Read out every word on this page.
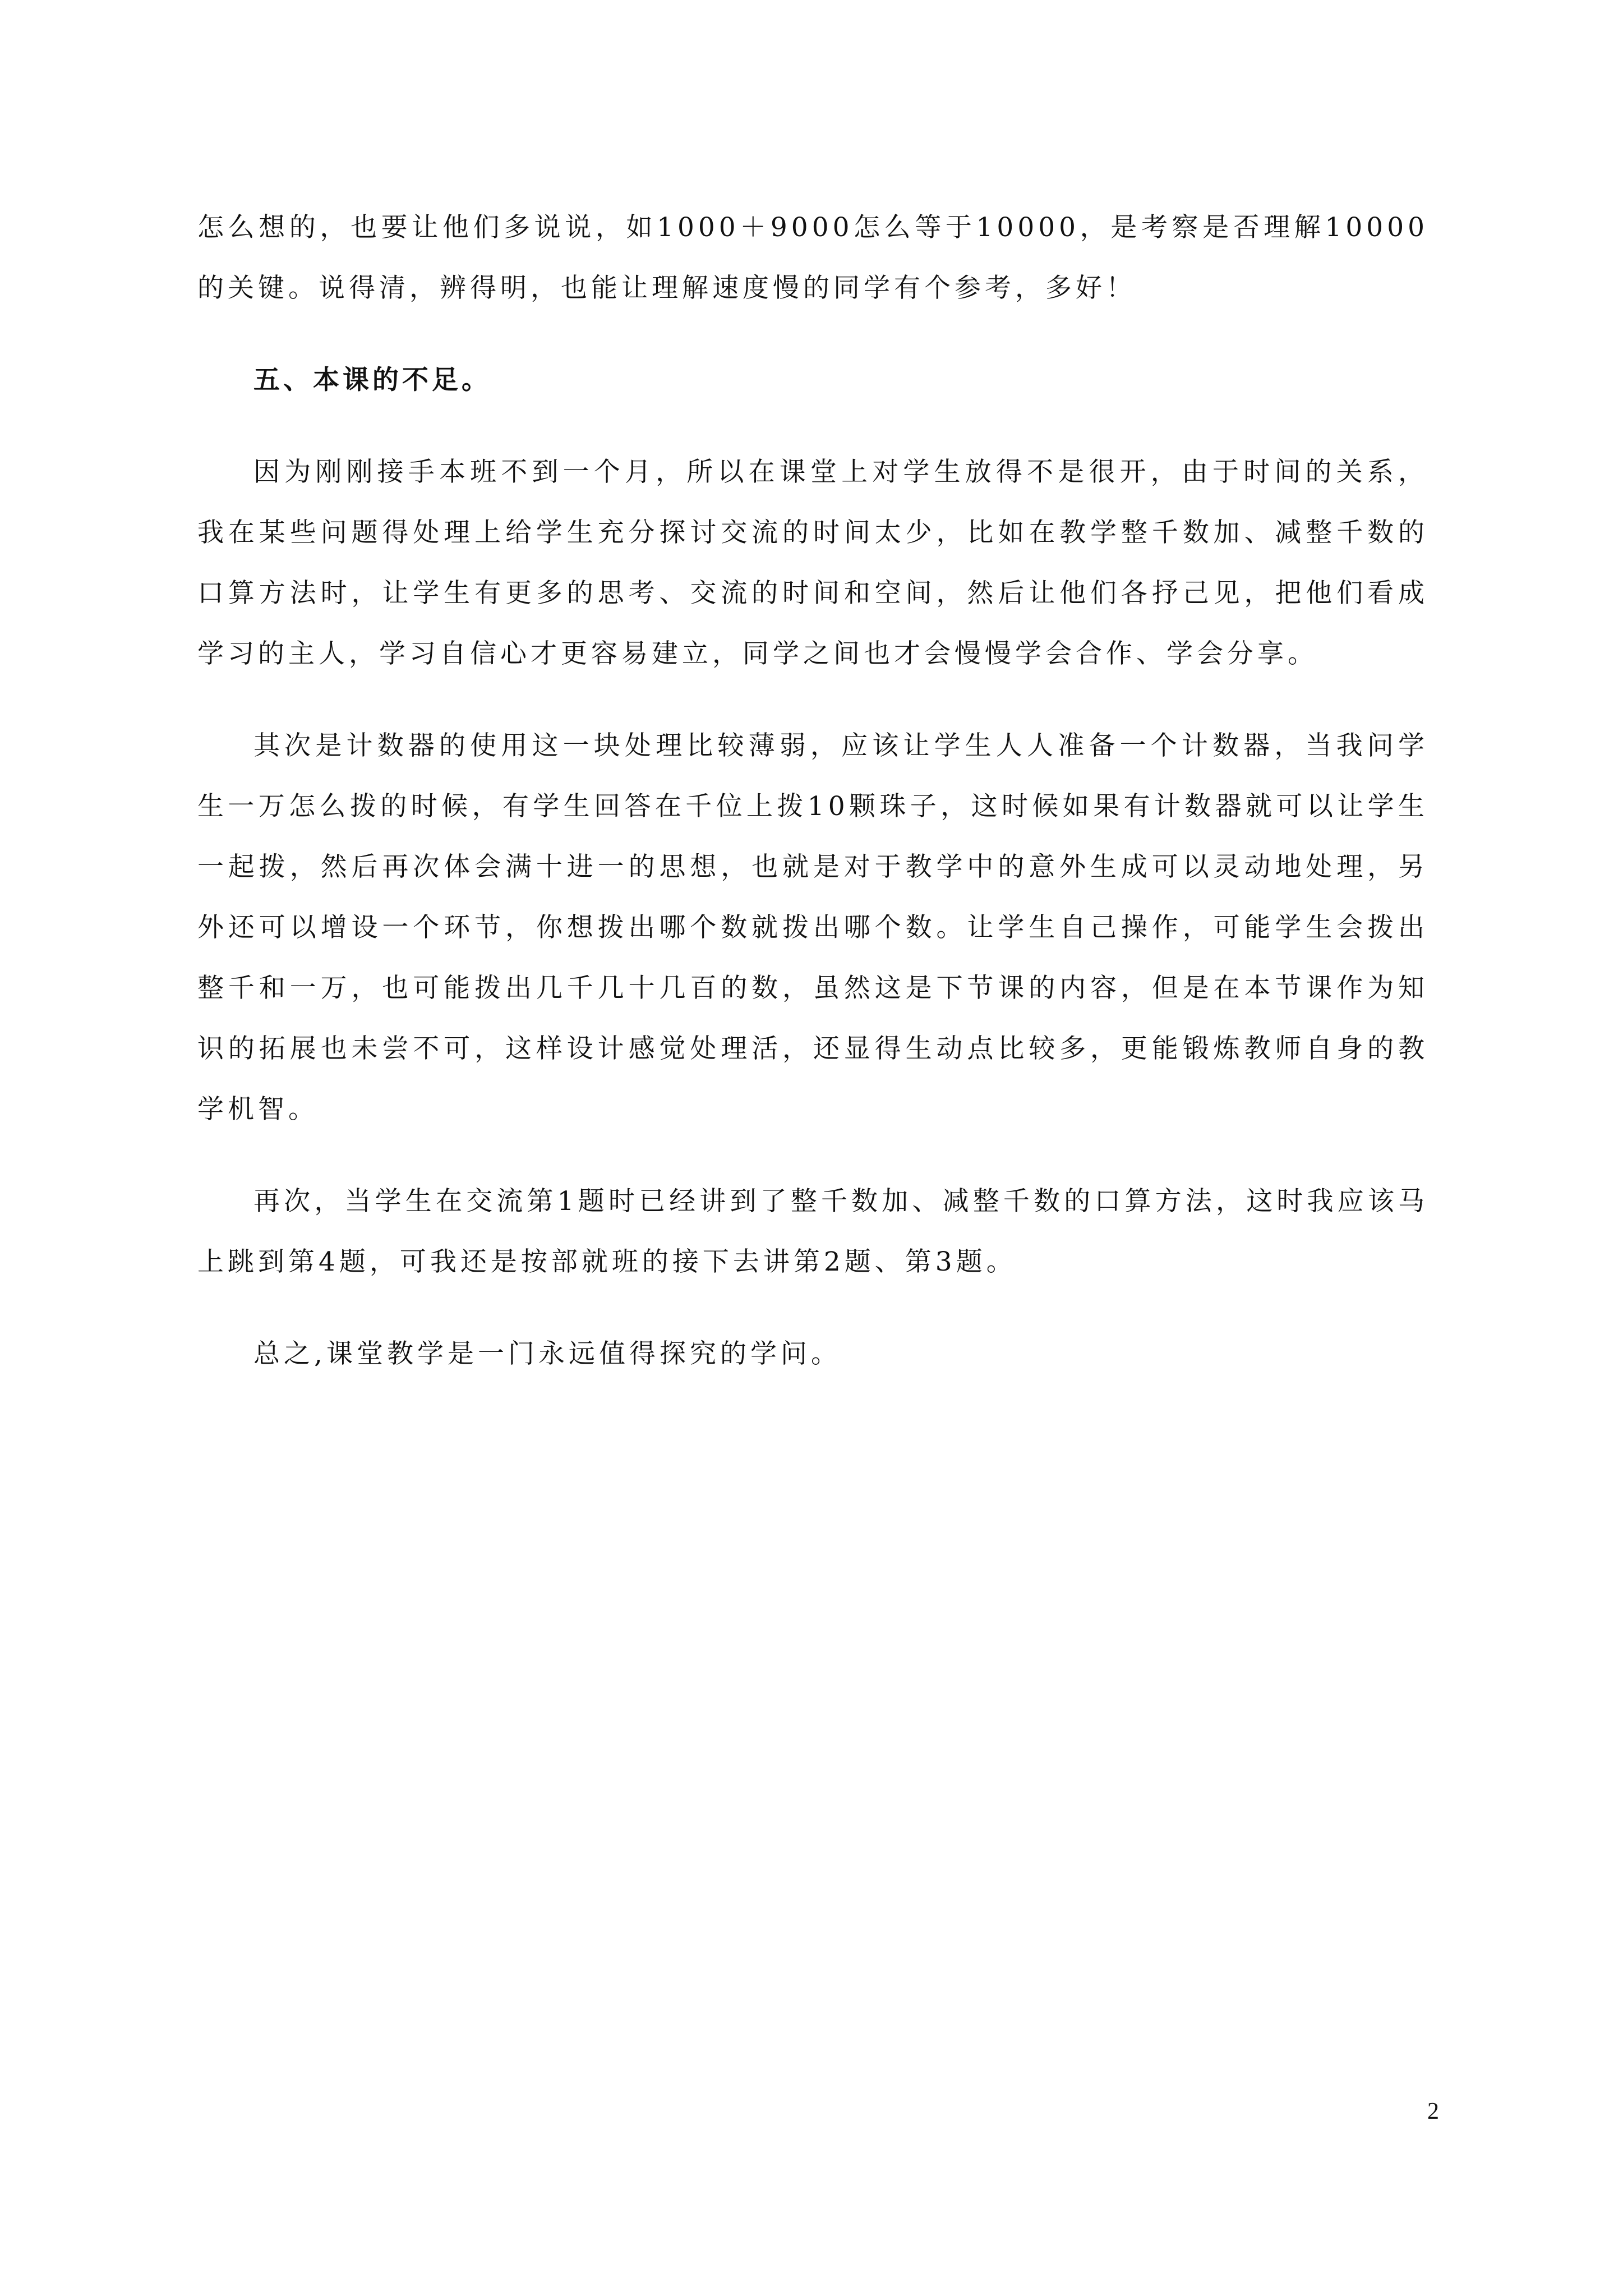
怎么想的，也要让他们多说说，如1000＋9000怎么等于10000，是考察是否理解10000的关键。说得清，辨得明，也能让理解速度慢的同学有个参考，多好！

五、本课的不足。

因为刚刚接手本班不到一个月，所以在课堂上对学生放得不是很开，由于时间的关系，我在某些问题得处理上给学生充分探讨交流的时间太少，比如在教学整千数加、减整千数的口算方法时，让学生有更多的思考、交流的时间和空间，然后让他们各抒己见，把他们看成学习的主人，学习自信心才更容易建立，同学之间也才会慢慢学会合作、学会分享。

其次是计数器的使用这一块处理比较薄弱，应该让学生人人准备一个计数器，当我问学生一万怎么拨的时候，有学生回答在千位上拨10颗珠子，这时候如果有计数器就可以让学生一起拨，然后再次体会满十进一的思想，也就是对于教学中的意外生成可以灵动地处理，另外还可以增设一个环节，你想拨出哪个数就拨出哪个数。让学生自己操作，可能学生会拨出整千和一万，也可能拨出几千几十几百的数，虽然这是下节课的内容，但是在本节课作为知识的拓展也未尝不可，这样设计感觉处理活，还显得生动点比较多，更能锻炼教师自身的教学机智。

再次，当学生在交流第1题时已经讲到了整千数加、减整千数的口算方法，这时我应该马上跳到第4题，可我还是按部就班的接下去讲第2题、第3题。

总之,课堂教学是一门永远值得探究的学问。

2
